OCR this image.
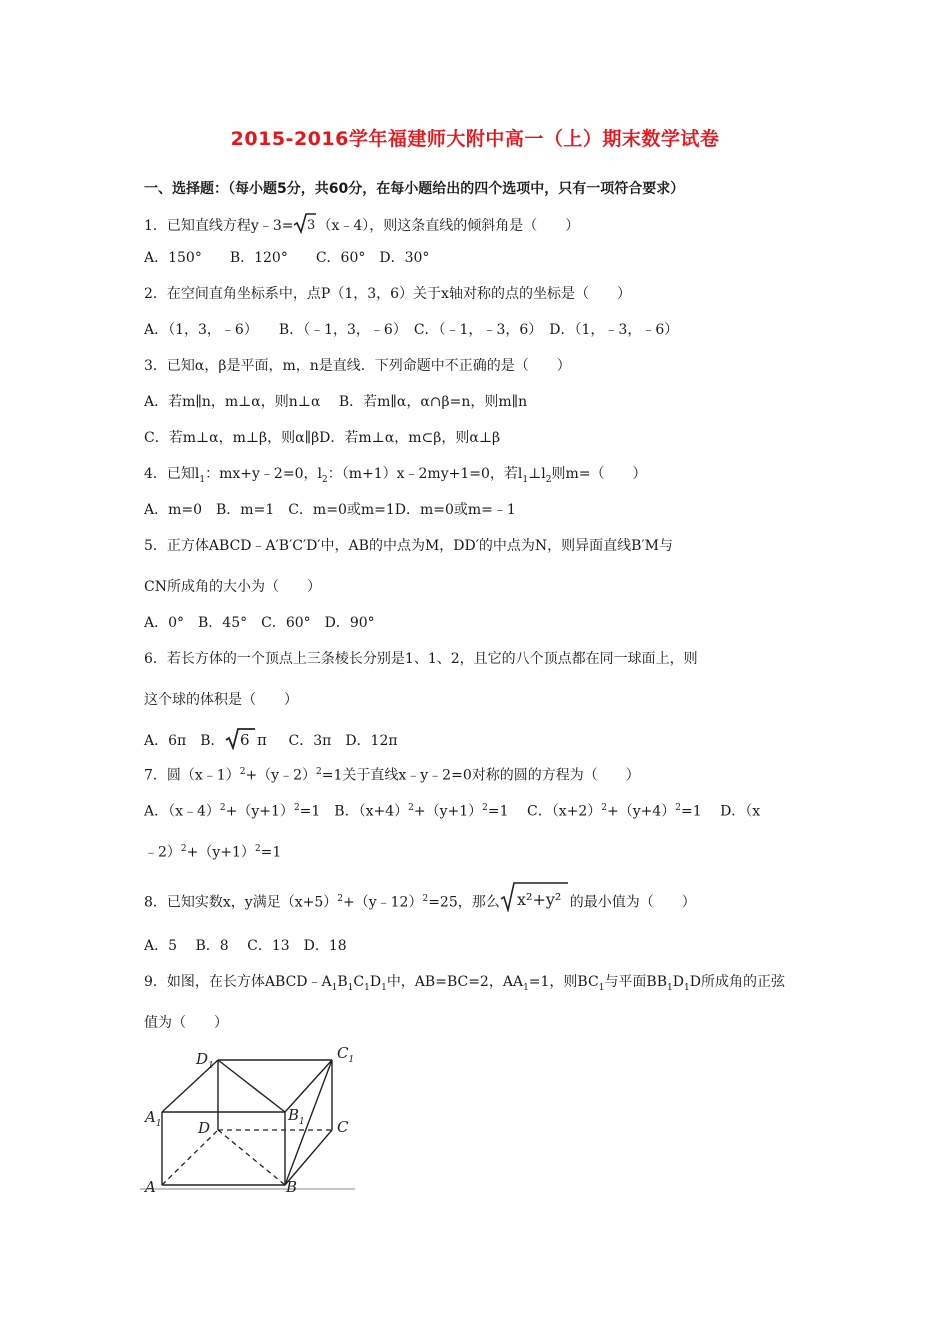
2015-2016学年福建师大附中高一（上）期末数学试卷
一、选择题：（每小题5分，共60分，在每小题给出的四个选项中，只有一项符合要求）
1．已知直线方程y﹣3= 3 （x﹣4），则这条直线的倾斜角是（　　）
A．150°　　B．120°　　C．60°　D．30°
2．在空间直角坐标系中，点P（1，3，6）关于x轴对称的点的坐标是（　　）
A．（1，3，﹣6）　　B．（﹣1，3，﹣6）　C．（﹣1，﹣3，6）　D．（1，﹣3，﹣6）
3．已知α，β是平面，m，n是直线．下列命题中不正确的是（　　）
A．若m∥n，m⊥α，则n⊥α　 B．若m∥α，α∩β=n，则m∥n
C．若m⊥α，m⊥β，则α∥βD．若m⊥α，m⊂β，则α⊥β
4．已知$l_1$：mx+y﹣2=0，$l_2$：（m+1）x﹣2my+1=0，若$l_1\perp l_2$则m=（　　）
A．m=0　B．m=1　C．m=0或m=1D．m=0或m=﹣1
5．正方体ABCD﹣A′B′C′D′中，AB的中点为M，DD′的中点为N，则异面直线B′M与
CN所成角的大小为（　　）
A．0°　B．45°　C．60°　D．90°
6．若长方体的一个顶点上三条棱长分别是1、1、2，且它的八个顶点都在同一球面上，则
这个球的体积是（　　）
A．6π　B． 6 π 　C．3π　D．12π
7．圆（x﹣1）$^2$+（y﹣2）$^2$=1关于直线x﹣y﹣2=0对称的圆的方程为（　　）
A．$(x﹣4)^2+(y+1)^2=1$　B．$(x+4)^2+(y+1)^2=1$　 C．$(x+2)^2+(y+4)^2=1$　 D．（x
$﹣2)^2+(y+1)^2=1$
8．已知实数x，y满足$(x+5)^2+(y﹣12)^2=25$，那么 x²+y² 的最小值为（　　）
A．5　 B．8　 C．13　D．18
9．如图，在长方体$ABCD﹣A_1B_1C_1D_1$中，AB=BC=2，$AA_1=1$，则$BC_1$与平面$BB_1D_1D$所成角的正弦
值为（　　）
$D_1$
$C_1$
$A_1$	$B_1$
D	C
A	B
